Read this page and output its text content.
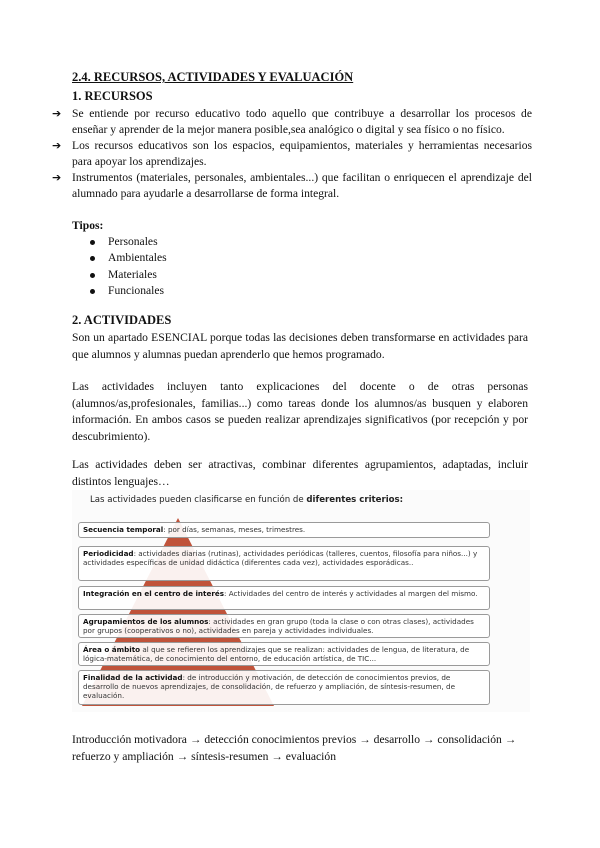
2.4. RECURSOS, ACTIVIDADES Y EVALUACIÓN
1. RECURSOS
➔ Se entiende por recurso educativo todo aquello que contribuye a desarrollar los procesos de enseñar y aprender de la mejor manera posible,sea analógico o digital y sea físico o no físico.
➔ Los recursos educativos son los espacios, equipamientos, materiales y herramientas necesarios para apoyar los aprendizajes.
➔ Instrumentos (materiales, personales, ambientales...) que facilitan o enriquecen el aprendizaje del alumnado para ayudarle a desarrollarse de forma integral.
Tipos:
Personales
Ambientales
Materiales
Funcionales
2. ACTIVIDADES

Son un apartado ESENCIAL porque todas las decisiones deben transformarse en actividades para que alumnos y alumnas puedan aprenderlo que hemos programado.

Las actividades incluyen tanto explicaciones del docente o de otras personas (alumnos/as,profesionales, familias...) como tareas donde los alumnos/as busquen y elaboren información. En ambos casos se pueden realizar aprendizajes significativos (por recepción y por descubrimiento).

Las actividades deben ser atractivas, combinar diferentes agrupamientos, adaptadas, incluir distintos lenguajes…

Las actividades pueden clasificarse en función de diferentes criterios:
Secuencia temporal: por días, semanas, meses, trimestres.
Periodicidad: actividades diarias (rutinas), actividades periódicas (talleres, cuentos, filosofía para niños...) y actividades específicas de unidad didáctica (diferentes cada vez), actividades esporádicas..
Integración en el centro de interés: Actividades del centro de interés y actividades al margen del mismo.
Agrupamientos de los alumnos: actividades en gran grupo (toda la clase o con otras clases), actividades por grupos (cooperativos o no), actividades en pareja y actividades individuales.
Área o ámbito al que se refieren los aprendizajes que se realizan: actividades de lengua, de literatura, de lógica-matemática, de conocimiento del entorno, de educación artística, de TIC...
Finalidad de la actividad: de introducción y motivación, de detección de conocimientos previos, de desarrollo de nuevos aprendizajes, de consolidación, de refuerzo y ampliación, de síntesis-resumen, de evaluación.

Introducción motivadora → detección conocimientos previos → desarrollo → consolidación → refuerzo y ampliación → síntesis-resumen → evaluación
